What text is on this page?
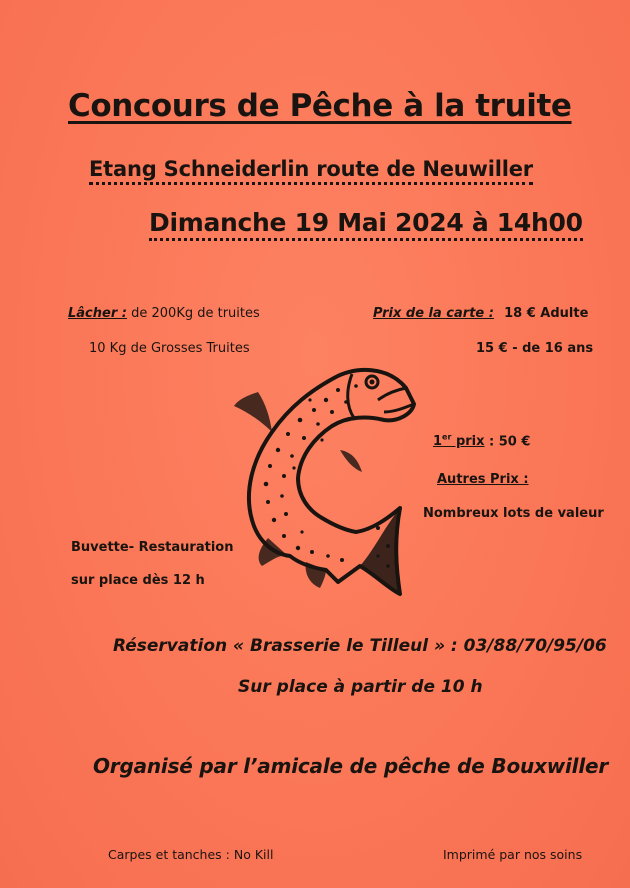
Concours de Pêche à la truite
Etang Schneiderlin route de Neuwiller
Dimanche 19 Mai 2024 à 14h00
Lâcher : de 200Kg de truites
10 Kg de Grosses Truites
Prix de la carte : 18 € Adulte
15 € - de 16 ans
1er prix : 50 €
Autres Prix :
Nombreux lots de valeur
Buvette- Restauration
sur place dès 12 h
Réservation « Brasserie le Tilleul » : 03/88/70/95/06
Sur place à partir de 10 h
Organisé par l’amicale de pêche de Bouxwiller
Carpes et tanches : No Kill	Imprimé par nos soins
